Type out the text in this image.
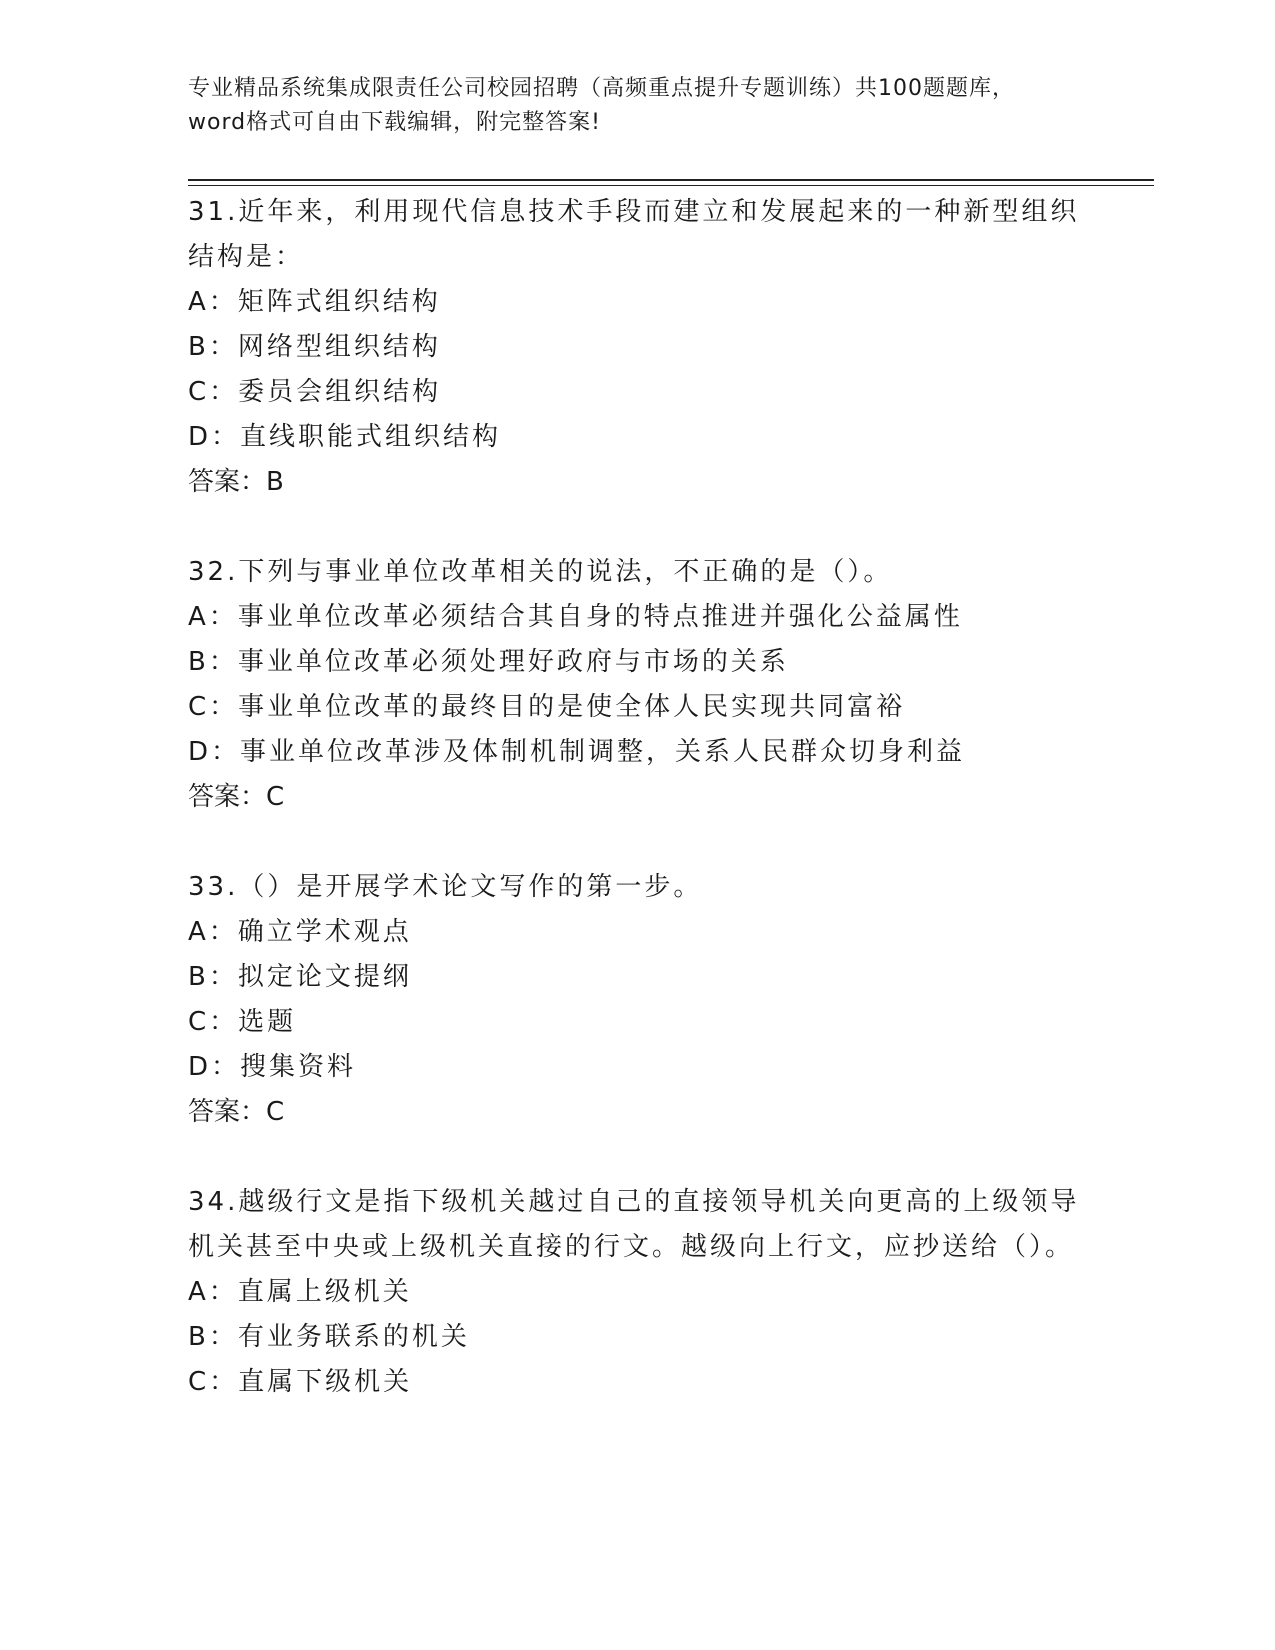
专业精品系统集成限责任公司校园招聘（高频重点提升专题训练）共100题题库，word格式可自由下载编辑，附完整答案!

31.近年来，利用现代信息技术手段而建立和发展起来的一种新型组织结构是：

A：矩阵式组织结构

B：网络型组织结构

C：委员会组织结构

D：直线职能式组织结构

答案：B

32.下列与事业单位改革相关的说法，不正确的是（）。

A：事业单位改革必须结合其自身的特点推进并强化公益属性

B：事业单位改革必须处理好政府与市场的关系

C：事业单位改革的最终目的是使全体人民实现共同富裕

D：事业单位改革涉及体制机制调整，关系人民群众切身利益

答案：C

33.（）是开展学术论文写作的第一步。

A：确立学术观点

B：拟定论文提纲

C：选题

D：搜集资料

答案：C

34.越级行文是指下级机关越过自己的直接领导机关向更高的上级领导机关甚至中央或上级机关直接的行文。越级向上行文，应抄送给（）。

A：直属上级机关

B：有业务联系的机关

C：直属下级机关
